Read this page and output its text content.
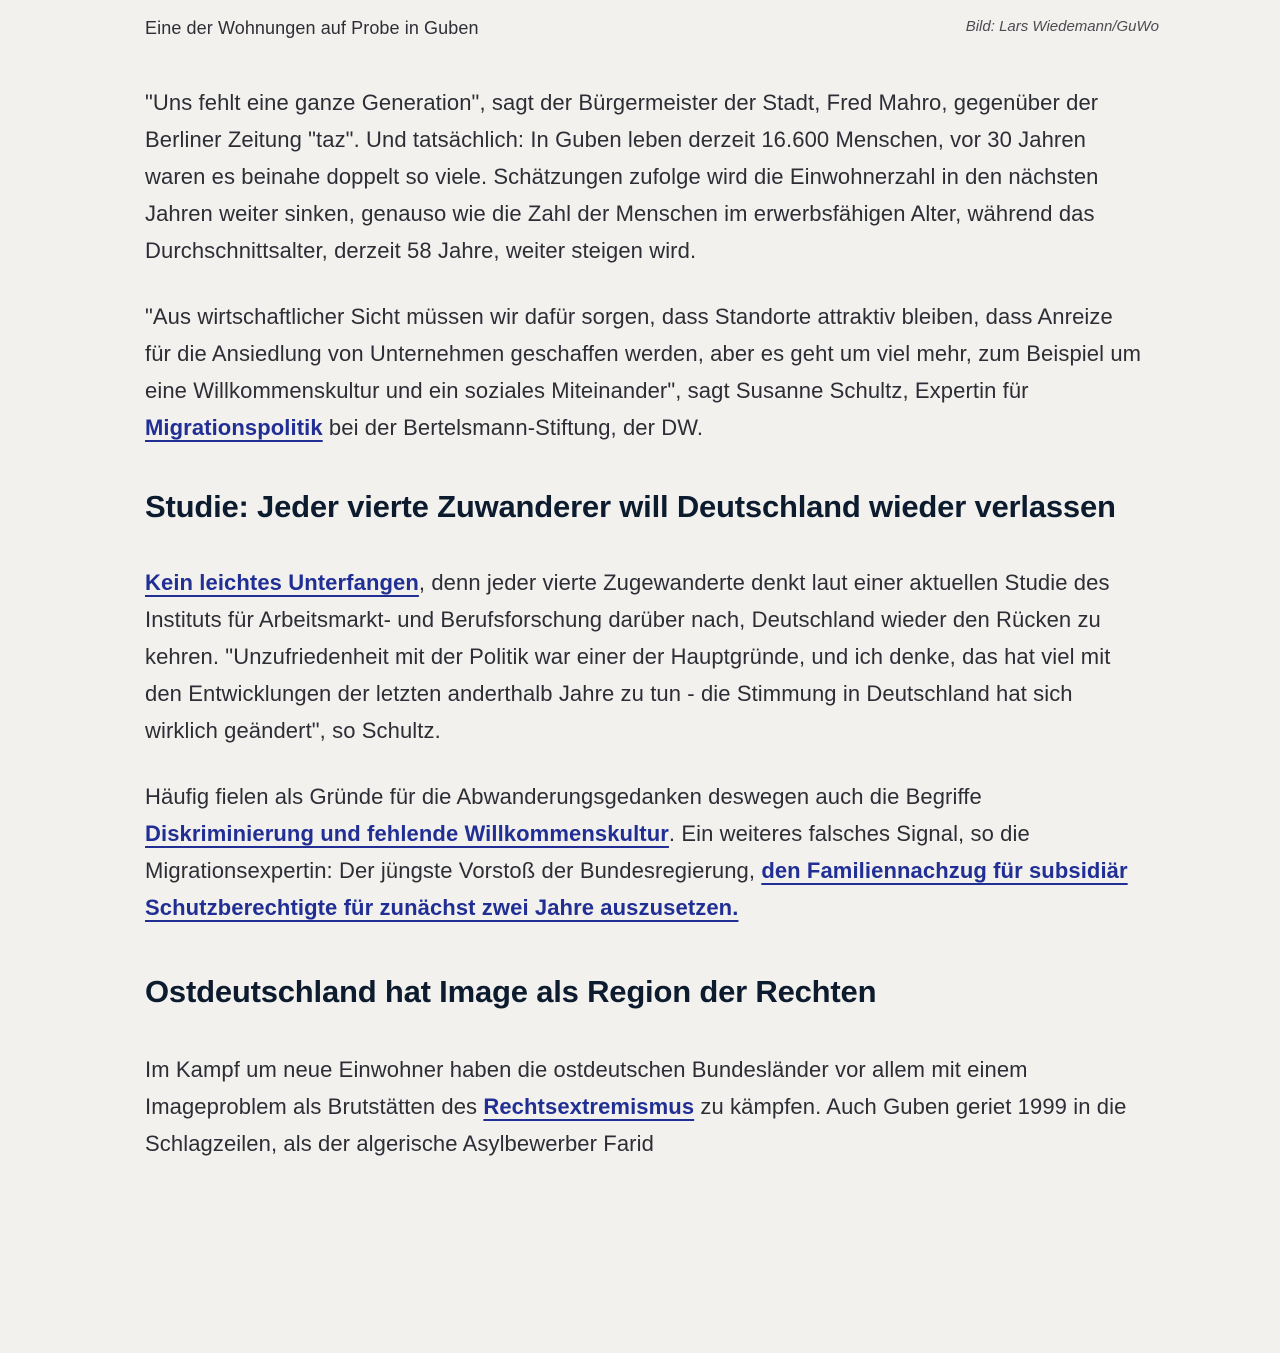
Eine der Wohnungen auf Probe in Guben	Bild: Lars Wiedemann/GuWo

"Uns fehlt eine ganze Generation", sagt der Bürgermeister der Stadt, Fred Mahro, gegenüber der Berliner Zeitung "taz". Und tatsächlich: In Guben leben derzeit 16.600 Menschen, vor 30 Jahren waren es beinahe doppelt so viele. Schätzungen zufolge wird die Einwohnerzahl in den nächsten Jahren weiter sinken, genauso wie die Zahl der Menschen im erwerbsfähigen Alter, während das Durchschnittsalter, derzeit 58 Jahre, weiter steigen wird.

"Aus wirtschaftlicher Sicht müssen wir dafür sorgen, dass Standorte attraktiv bleiben, dass Anreize für die Ansiedlung von Unternehmen geschaffen werden, aber es geht um viel mehr, zum Beispiel um eine Willkommenskultur und ein soziales Miteinander", sagt Susanne Schultz, Expertin für Migrationspolitik bei der Bertelsmann-Stiftung, der DW.

Studie: Jeder vierte Zuwanderer will Deutschland wieder verlassen

Kein leichtes Unterfangen, denn jeder vierte Zugewanderte denkt laut einer aktuellen Studie des Instituts für Arbeitsmarkt- und Berufsforschung darüber nach, Deutschland wieder den Rücken zu kehren. "Unzufriedenheit mit der Politik war einer der Hauptgründe, und ich denke, das hat viel mit den Entwicklungen der letzten anderthalb Jahre zu tun - die Stimmung in Deutschland hat sich wirklich geändert", so Schultz.

Häufig fielen als Gründe für die Abwanderungsgedanken deswegen auch die Begriffe Diskriminierung und fehlende Willkommenskultur. Ein weiteres falsches Signal, so die Migrationsexpertin: Der jüngste Vorstoß der Bundesregierung, den Familiennachzug für subsidiär Schutzberechtigte für zunächst zwei Jahre auszusetzen.

Ostdeutschland hat Image als Region der Rechten

Im Kampf um neue Einwohner haben die ostdeutschen Bundesländer vor allem mit einem Imageproblem als Brutstätten des Rechtsextremismus zu kämpfen. Auch Guben geriet 1999 in die Schlagzeilen, als der algerische Asylbewerber Farid
